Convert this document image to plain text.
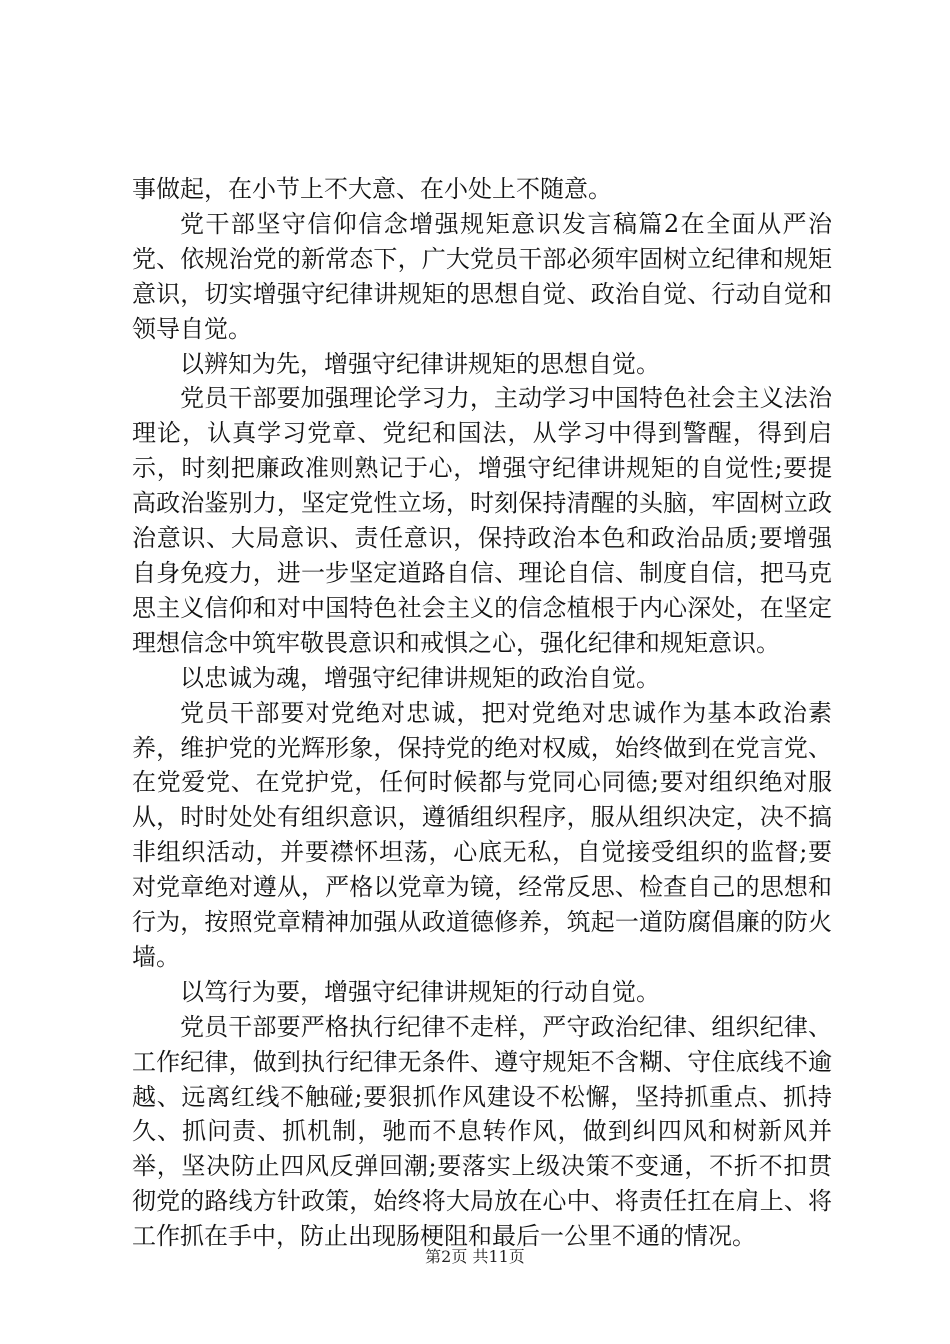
事做起，在小节上不大意、在小处上不随意。

党干部坚守信仰信念增强规矩意识发言稿篇2在全面从严治党、依规治党的新常态下，广大党员干部必须牢固树立纪律和规矩意识，切实增强守纪律讲规矩的思想自觉、政治自觉、行动自觉和领导自觉。

以辨知为先，增强守纪律讲规矩的思想自觉。

党员干部要加强理论学习力，主动学习中国特色社会主义法治理论，认真学习党章、党纪和国法，从学习中得到警醒，得到启示，时刻把廉政准则熟记于心，增强守纪律讲规矩的自觉性;要提高政治鉴别力，坚定党性立场，时刻保持清醒的头脑，牢固树立政治意识、大局意识、责任意识，保持政治本色和政治品质;要增强自身免疫力，进一步坚定道路自信、理论自信、制度自信，把马克思主义信仰和对中国特色社会主义的信念植根于内心深处，在坚定理想信念中筑牢敬畏意识和戒惧之心，强化纪律和规矩意识。

以忠诚为魂，增强守纪律讲规矩的政治自觉。

党员干部要对党绝对忠诚，把对党绝对忠诚作为基本政治素养，维护党的光辉形象，保持党的绝对权威，始终做到在党言党、在党爱党、在党护党，任何时候都与党同心同德;要对组织绝对服从，时时处处有组织意识，遵循组织程序，服从组织决定，决不搞非组织活动，并要襟怀坦荡，心底无私，自觉接受组织的监督;要对党章绝对遵从，严格以党章为镜，经常反思、检查自己的思想和行为，按照党章精神加强从政道德修养，筑起一道防腐倡廉的防火墙。

以笃行为要，增强守纪律讲规矩的行动自觉。

党员干部要严格执行纪律不走样，严守政治纪律、组织纪律、工作纪律，做到执行纪律无条件、遵守规矩不含糊、守住底线不逾越、远离红线不触碰;要狠抓作风建设不松懈，坚持抓重点、抓持久、抓问责、抓机制，驰而不息转作风，做到纠四风和树新风并举，坚决防止四风反弹回潮;要落实上级决策不变通，不折不扣贯彻党的路线方针政策，始终将大局放在心中、将责任扛在肩上、将工作抓在手中，防止出现肠梗阻和最后一公里不通的情况。

第2页 共11页
